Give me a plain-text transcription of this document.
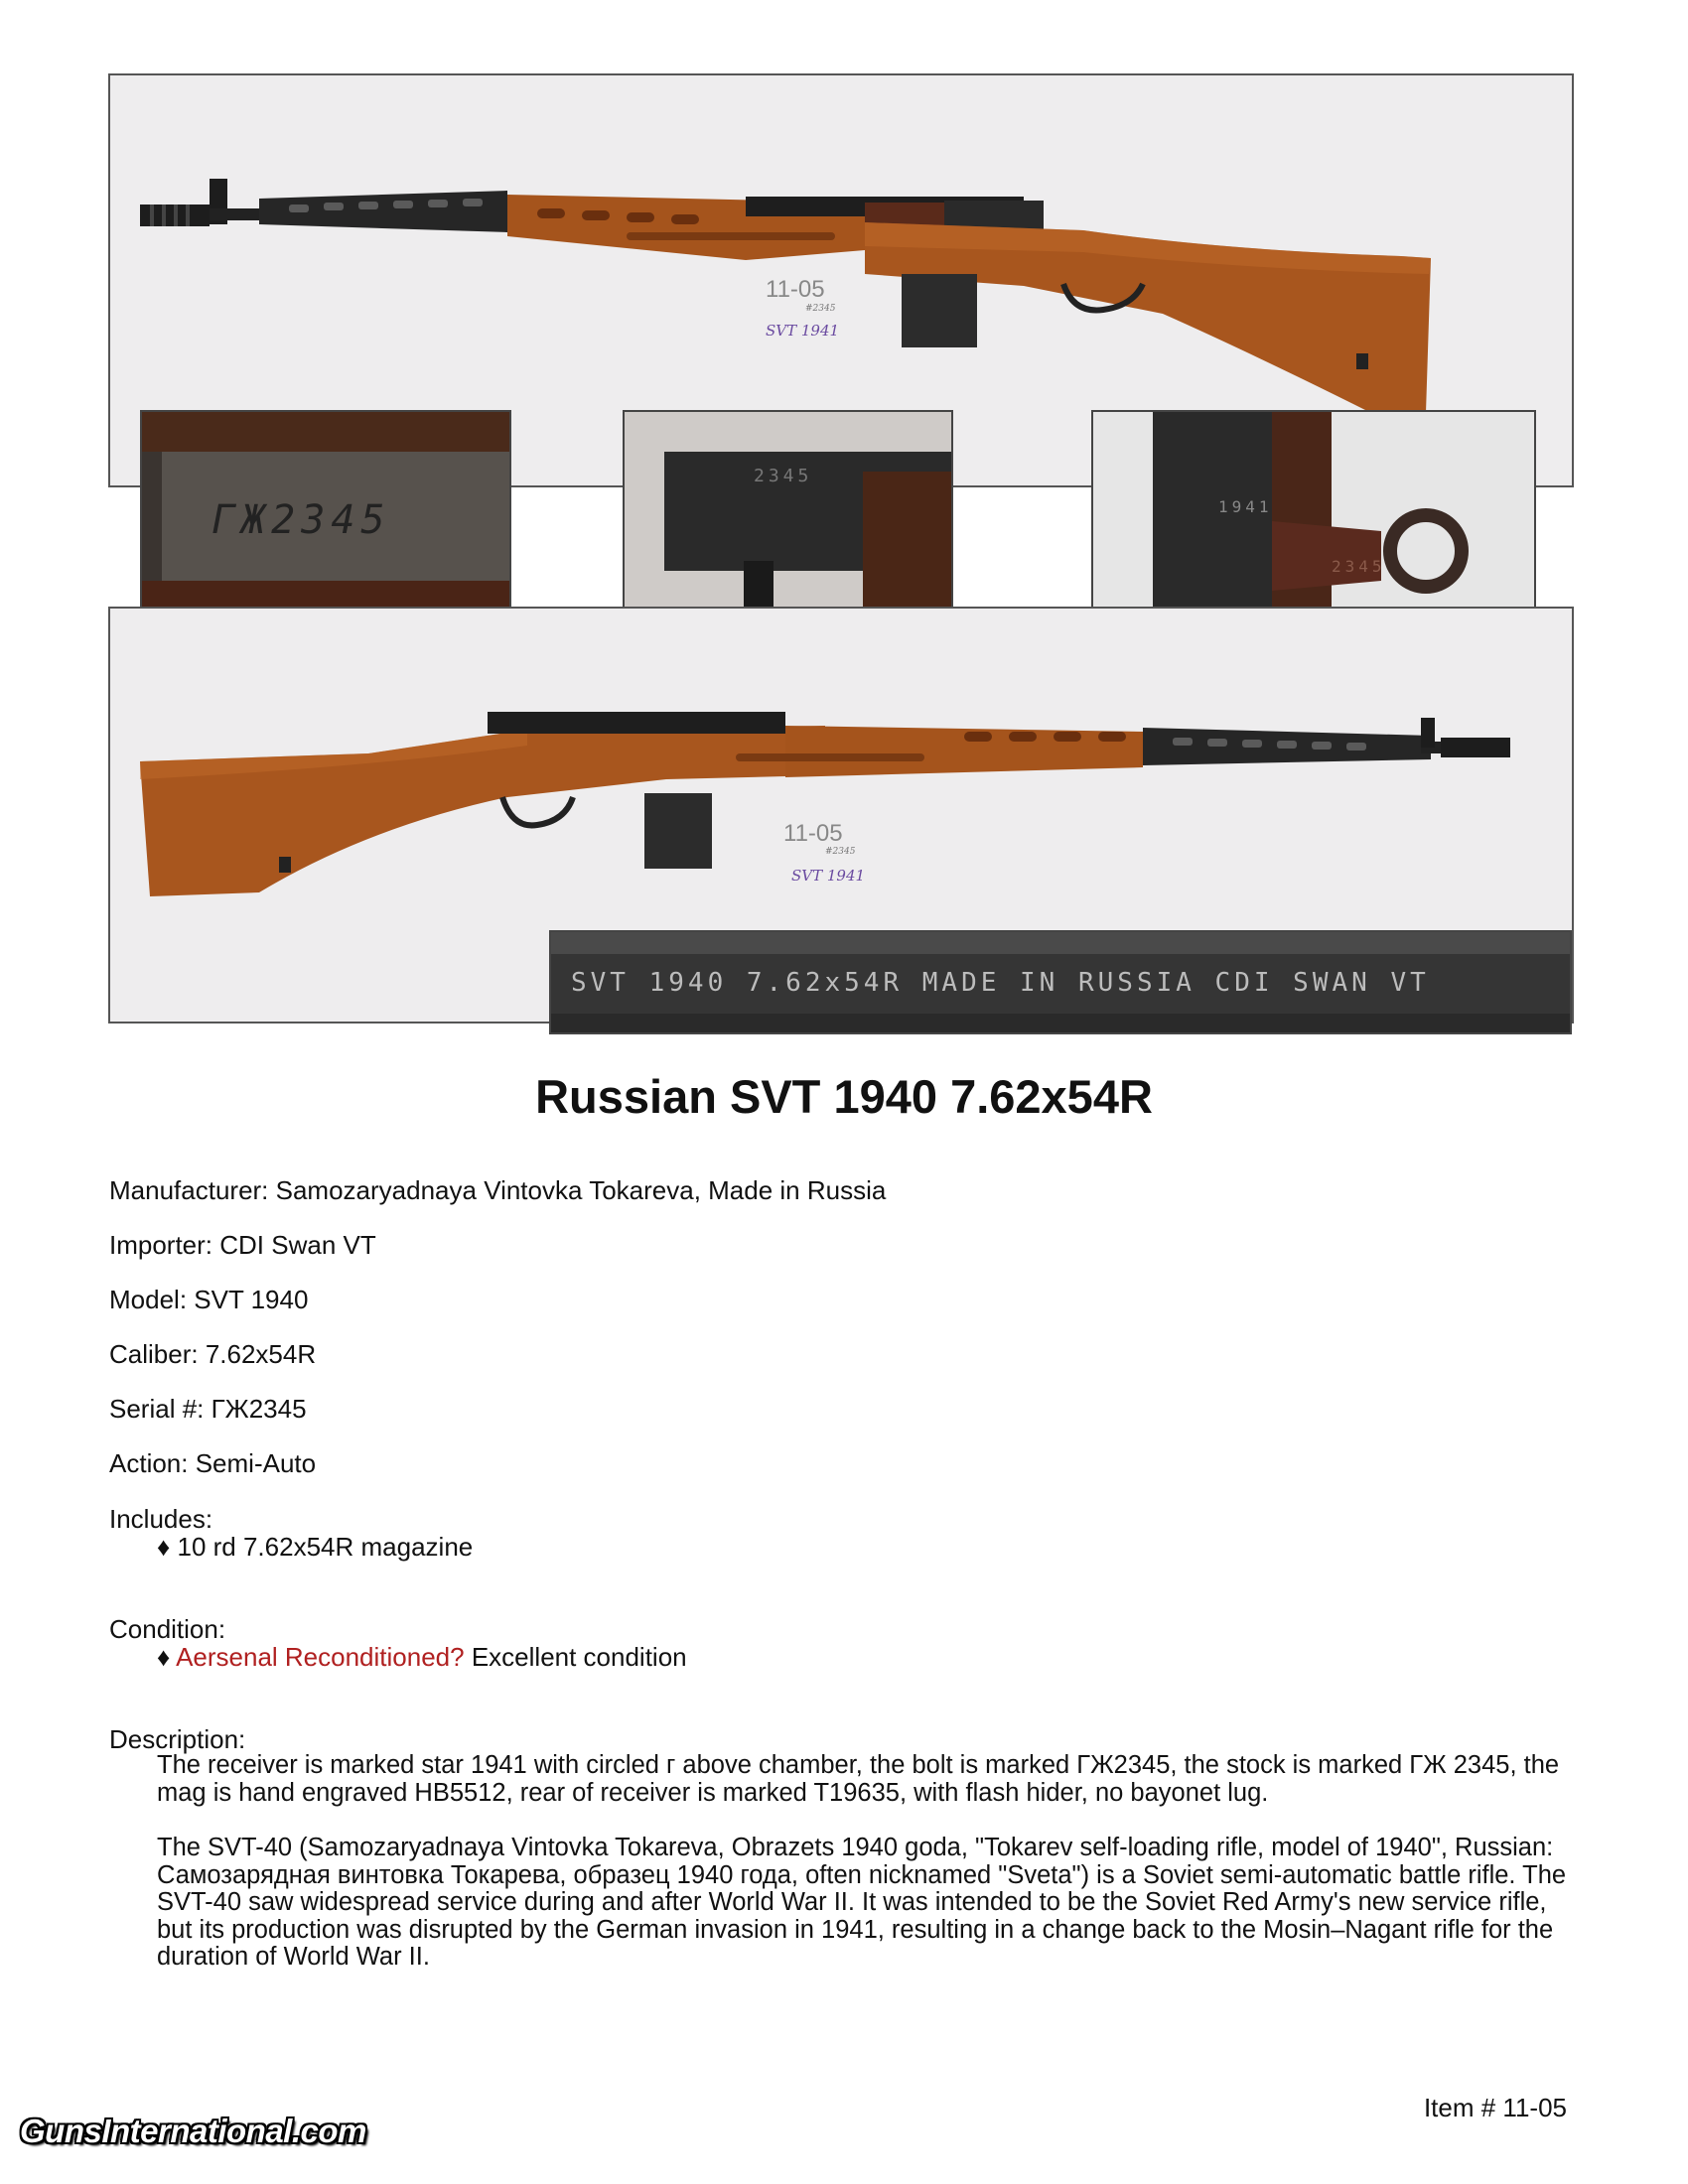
11-05
#2345
SVT 1941
ГЖ2345
2345
1941
2345
11-05
#2345
SVT 1941
SVT 1940 7.62x54R MADE IN RUSSIA CDI SWAN VT
Russian SVT 1940 7.62x54R
Manufacturer: Samozaryadnaya Vintovka Tokareva, Made in Russia
Importer: CDI Swan VT
Model: SVT 1940
Caliber: 7.62x54R
Serial #: ГЖ2345
Action: Semi-Auto
Includes:
♦ 10 rd 7.62x54R magazine
Condition:
♦ Aersenal Reconditioned? Excellent condition
Description:
The receiver is marked star 1941 with circled г above chamber, the bolt is marked ГЖ2345, the stock is marked ГЖ 2345, the mag is hand engraved HB5512, rear of receiver is marked T19635, with flash hider, no bayonet lug.
The SVT-40 (Samozaryadnaya Vintovka Tokareva, Obrazets 1940 goda, "Tokarev self-loading rifle, model of 1940", Russian: Самозарядная винтовка Токарева, образец 1940 года, often nicknamed "Sveta") is a Soviet semi-automatic battle rifle. The SVT-40 saw widespread service during and after World War II. It was intended to be the Soviet Red Army's new service rifle, but its production was disrupted by the German invasion in 1941, resulting in a change back to the Mosin–Nagant rifle for the duration of World War II.
Item # 11-05
GunsInternational.com
